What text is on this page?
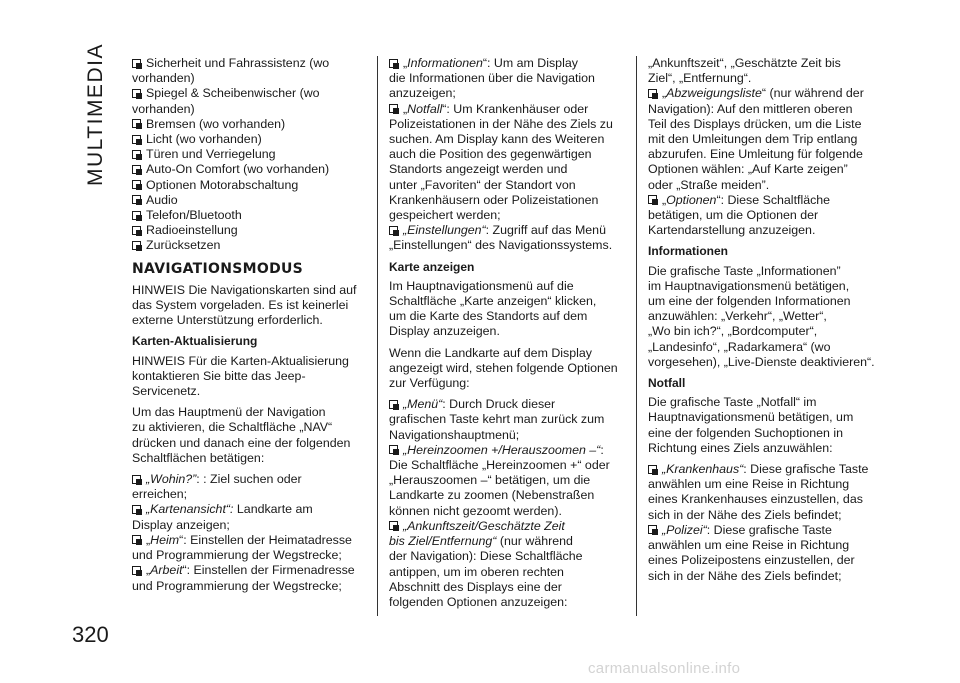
MULTIMEDIA	Sicherheit und Fahrassistenz (wo

vorhanden)

Spiegel & Scheibenwischer (wo

vorhanden)

Bremsen (wo vorhanden)

Licht (wo vorhanden)

Türen und Verriegelung

Auto-On Comfort (wo vorhanden)

Optionen Motorabschaltung

Audio

Telefon/Bluetooth

Radioeinstellung

Zurücksetzen

NAVIGATIONSMODUS

HINWEIS Die Navigationskarten sind auf

das System vorgeladen. Es ist keinerlei

externe Unterstützung erforderlich.

Karten-Aktualisierung

HINWEIS Für die Karten-Aktualisierung

kontaktieren Sie bitte das Jeep-

Servicenetz.

Um das Hauptmenü der Navigation

zu aktivieren, die Schaltfläche „NAV“

drücken und danach eine der folgenden

Schaltflächen betätigen:

„Wohin?”: : Ziel suchen oder

erreichen;

„Kartenansicht“: Landkarte am

Display anzeigen;

„Heim“: Einstellen der Heimatadresse

und Programmierung der Wegstrecke;

„Arbeit“: Einstellen der Firmenadresse

und Programmierung der Wegstrecke;

„Informationen“: Um am Display

die Informationen über die Navigation

anzuzeigen;

„Notfall“: Um Krankenhäuser oder

Polizeistationen in der Nähe des Ziels zu

suchen. Am Display kann des Weiteren

auch die Position des gegenwärtigen

Standorts angezeigt werden und

unter „Favoriten“ der Standort von

Krankenhäusern oder Polizeistationen

gespeichert werden;

„Einstellungen“: Zugriff auf das Menü

„Einstellungen“ des Navigationssystems.

Karte anzeigen

Im Hauptnavigationsmenü auf die

Schaltfläche „Karte anzeigen“ klicken,

um die Karte des Standorts auf dem

Display anzuzeigen.

Wenn die Landkarte auf dem Display

angezeigt wird, stehen folgende Optionen

zur Verfügung:

„Menü“: Durch Druck dieser

grafischen Taste kehrt man zurück zum

Navigationshauptmenü;

„Hereinzoomen +/Herauszoomen –“:

Die Schaltfläche „Hereinzoomen +“ oder

„Herauszoomen –“ betätigen, um die

Landkarte zu zoomen (Nebenstraßen

können nicht gezoomt werden).

„Ankunftszeit/Geschätzte Zeit

bis Ziel/Entfernung“ (nur während

der Navigation): Diese Schaltfläche

antippen, um im oberen rechten

Abschnitt des Displays eine der

folgenden Optionen anzuzeigen:

„Ankunftszeit“, „Geschätzte Zeit bis

Ziel“, „Entfernung“.

„Abzweigungsliste“ (nur während der

Navigation): Auf den mittleren oberen

Teil des Displays drücken, um die Liste

mit den Umleitungen dem Trip entlang

abzurufen. Eine Umleitung für folgende

Optionen wählen: „Auf Karte zeigen”

oder „Straße meiden”.

„Optionen“: Diese Schaltfläche

betätigen, um die Optionen der

Kartendarstellung anzuzeigen.

Informationen

Die grafische Taste „Informationen”

im Hauptnavigationsmenü betätigen,

um eine der folgenden Informationen

anzuwählen: „Verkehr“, „Wetter“,

„Wo bin ich?“, „Bordcomputer“,

„Landesinfo“, „Radarkamera“ (wo

vorgesehen), „Live-Dienste deaktivieren“.

Notfall

Die grafische Taste „Notfall“ im

Hauptnavigationsmenü betätigen, um

eine der folgenden Suchoptionen in

Richtung eines Ziels anzuwählen:

„Krankenhaus“: Diese grafische Taste

anwählen um eine Reise in Richtung

eines Krankenhauses einzustellen, das

sich in der Nähe des Ziels befindet;

„Polizei“: Diese grafische Taste

anwählen um eine Reise in Richtung

eines Polizeipostens einzustellen, der

sich in der Nähe des Ziels befindet;

320
carmanualsonline.info
